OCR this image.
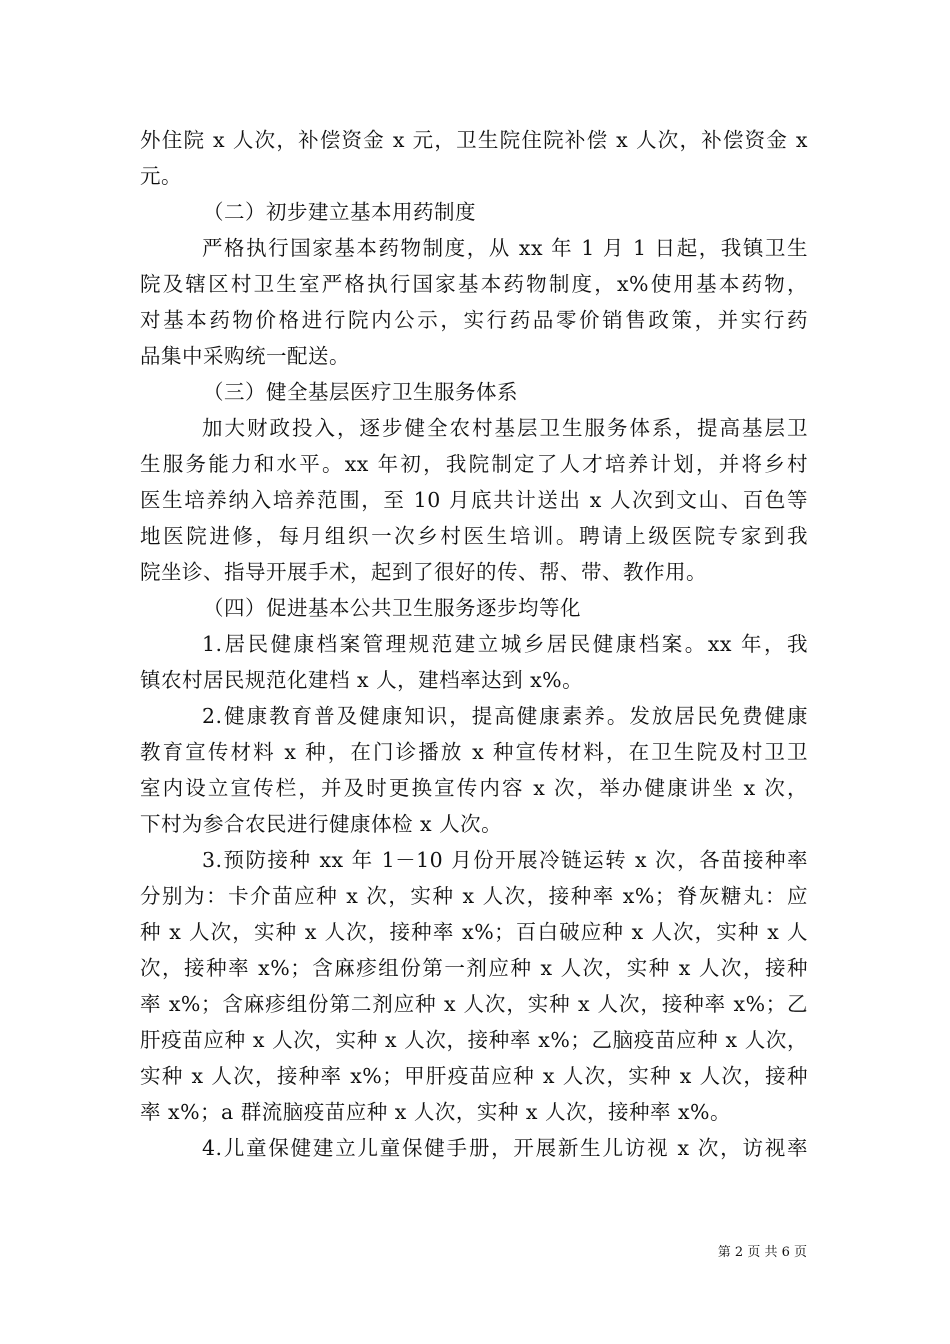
外住院 x 人次，补偿资金 x 元，卫生院住院补偿 x 人次，补偿资金 x
元。
（二）初步建立基本用药制度
严格执行国家基本药物制度，从 xx 年 1 月 1 日起，我镇卫生
院及辖区村卫生室严格执行国家基本药物制度，x%使用基本药物，
对基本药物价格进行院内公示，实行药品零价销售政策，并实行药
品集中采购统一配送。
（三）健全基层医疗卫生服务体系
加大财政投入，逐步健全农村基层卫生服务体系，提高基层卫
生服务能力和水平。xx 年初，我院制定了人才培养计划，并将乡村
医生培养纳入培养范围，至 10 月底共计送出 x 人次到文山、百色等
地医院进修，每月组织一次乡村医生培训。聘请上级医院专家到我
院坐诊、指导开展手术，起到了很好的传、帮、带、教作用。
（四）促进基本公共卫生服务逐步均等化
1.居民健康档案管理规范建立城乡居民健康档案。xx 年，我
镇农村居民规范化建档 x 人，建档率达到 x%。
2.健康教育普及健康知识，提高健康素养。发放居民免费健康
教育宣传材料 x 种，在门诊播放 x 种宣传材料，在卫生院及村卫卫
室内设立宣传栏，并及时更换宣传内容 x 次，举办健康讲坐 x 次，
下村为参合农民进行健康体检 x 人次。
3.预防接种 xx 年 1－10 月份开展冷链运转 x 次，各苗接种率
分别为：卡介苗应种 x 次，实种 x 人次，接种率 x%；脊灰糖丸：应
种 x 人次，实种 x 人次，接种率 x%；百白破应种 x 人次，实种 x 人
次，接种率 x%；含麻疹组份第一剂应种 x 人次，实种 x 人次，接种
率 x%；含麻疹组份第二剂应种 x 人次，实种 x 人次，接种率 x%；乙
肝疫苗应种 x 人次，实种 x 人次，接种率 x%；乙脑疫苗应种 x 人次，
实种 x 人次，接种率 x%；甲肝疫苗应种 x 人次，实种 x 人次，接种
率 x%；a 群流脑疫苗应种 x 人次，实种 x 人次，接种率 x%。
4.儿童保健建立儿童保健手册，开展新生儿访视 x 次，访视率
第 2 页 共 6 页
